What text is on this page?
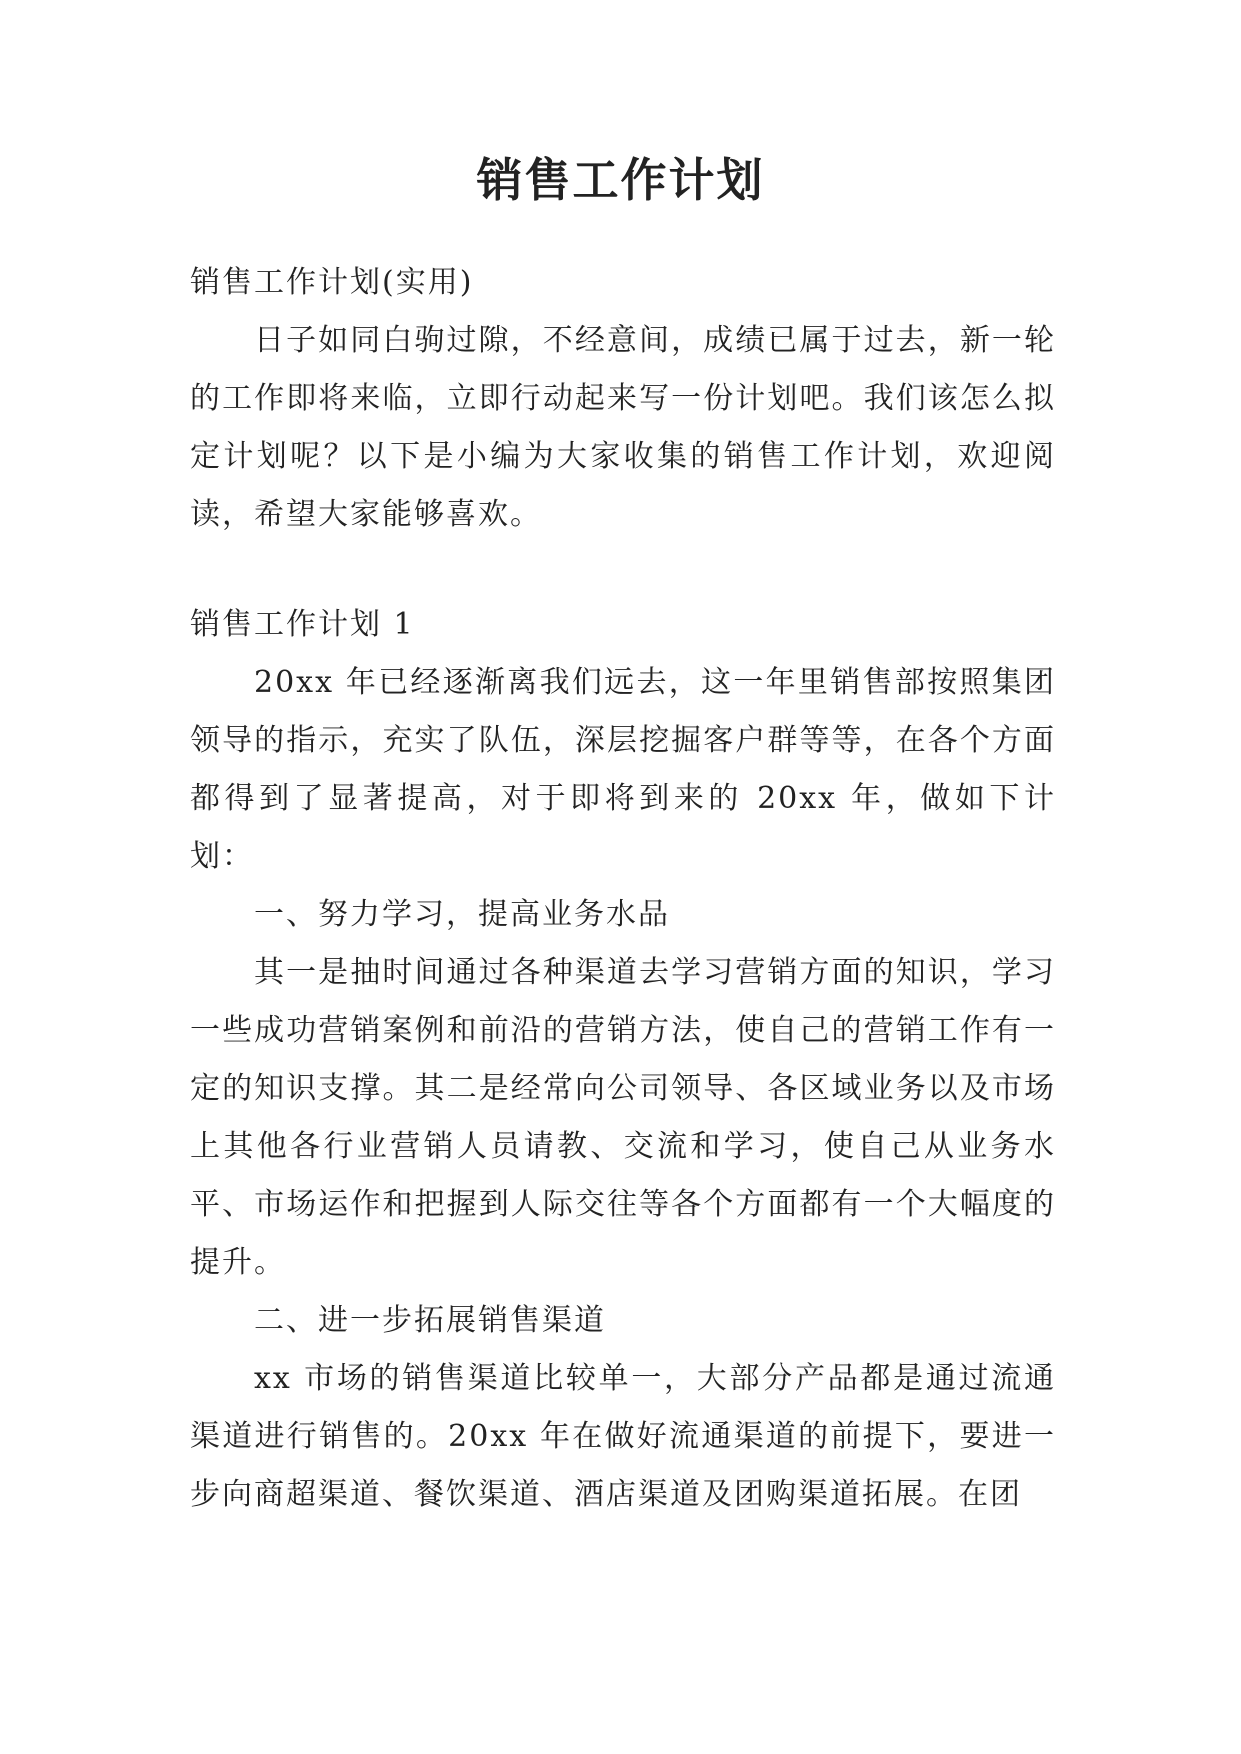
销售工作计划

销售工作计划(实用)

日子如同白驹过隙，不经意间，成绩已属于过去，新一轮的工作即将来临，立即行动起来写一份计划吧。我们该怎么拟定计划呢？以下是小编为大家收集的销售工作计划，欢迎阅读，希望大家能够喜欢。

销售工作计划 1

20xx 年已经逐渐离我们远去，这一年里销售部按照集团领导的指示，充实了队伍，深层挖掘客户群等等，在各个方面都得到了显著提高，对于即将到来的 20xx 年，做如下计划：

一、努力学习，提高业务水品

其一是抽时间通过各种渠道去学习营销方面的知识，学习一些成功营销案例和前沿的营销方法，使自己的营销工作有一定的知识支撑。其二是经常向公司领导、各区域业务以及市场上其他各行业营销人员请教、交流和学习，使自己从业务水平、市场运作和把握到人际交往等各个方面都有一个大幅度的提升。

二、进一步拓展销售渠道

xx 市场的销售渠道比较单一，大部分产品都是通过流通渠道进行销售的。20xx 年在做好流通渠道的前提下，要进一步向商超渠道、餐饮渠道、酒店渠道及团购渠道拓展。在团
